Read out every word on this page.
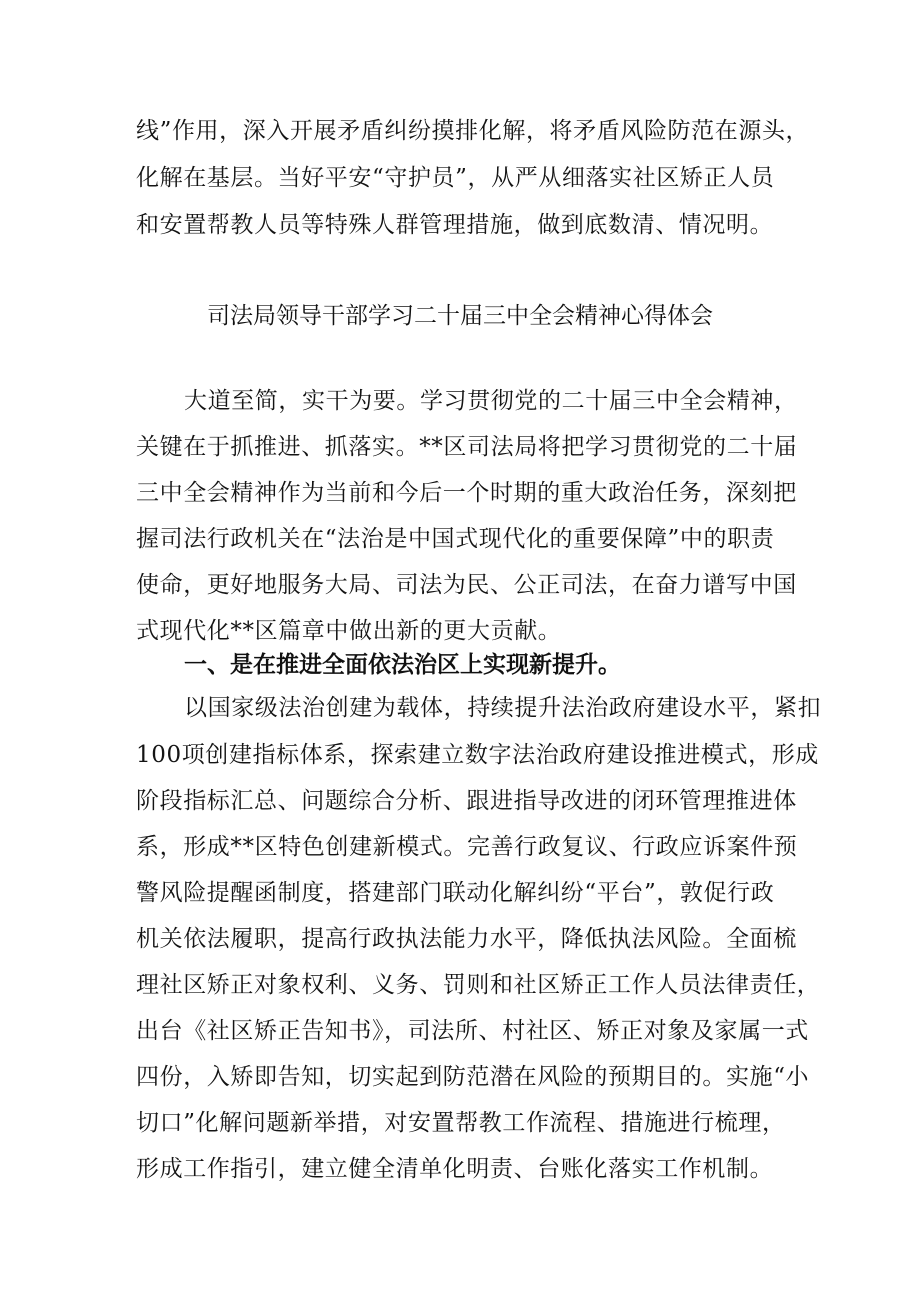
线”作用，深入开展矛盾纠纷摸排化解，将矛盾风险防范在源头，
化解在基层。当好平安“守护员”，从严从细落实社区矫正人员
和安置帮教人员等特殊人群管理措施，做到底数清、情况明。
司法局领导干部学习二十届三中全会精神心得体会
大道至简，实干为要。学习贯彻党的二十届三中全会精神，
关键在于抓推进、抓落实。**区司法局将把学习贯彻党的二十届
三中全会精神作为当前和今后一个时期的重大政治任务，深刻把
握司法行政机关在“法治是中国式现代化的重要保障”中的职责
使命，更好地服务大局、司法为民、公正司法，在奋力谱写中国
式现代化**区篇章中做出新的更大贡献。
一、是在推进全面依法治区上实现新提升。
以国家级法治创建为载体，持续提升法治政府建设水平，紧扣
100项创建指标体系，探索建立数字法治政府建设推进模式，形成
阶段指标汇总、问题综合分析、跟进指导改进的闭环管理推进体
系，形成**区特色创建新模式。完善行政复议、行政应诉案件预
警风险提醒函制度，搭建部门联动化解纠纷“平台”，敦促行政
机关依法履职，提高行政执法能力水平，降低执法风险。全面梳
理社区矫正对象权利、义务、罚则和社区矫正工作人员法律责任，
出台《社区矫正告知书》，司法所、村社区、矫正对象及家属一式
四份，入矫即告知，切实起到防范潜在风险的预期目的。实施“小
切口”化解问题新举措，对安置帮教工作流程、措施进行梳理，
形成工作指引，建立健全清单化明责、台账化落实工作机制。
